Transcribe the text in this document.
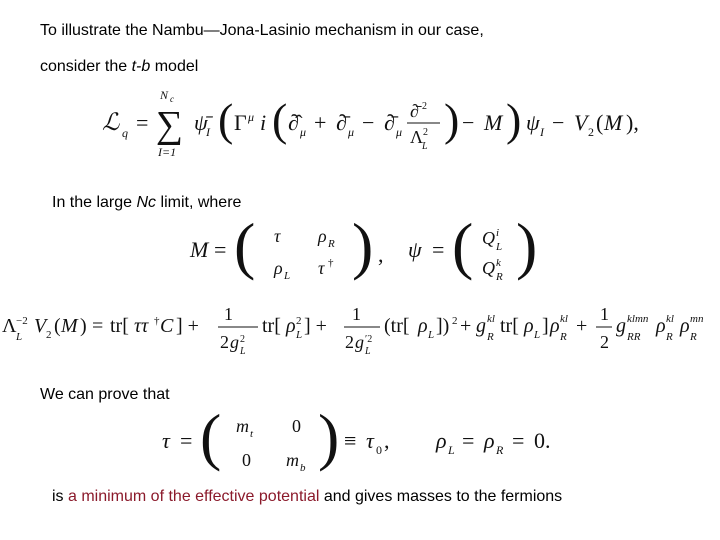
To illustrate the Nambu—Jona-Lasinio mechanism in our case,
consider the t-b model
ℒ q =
N c
∑
I=1
ψ̄
I ( Γ μ i ( ∂̂ μ + ∂̄ μ − ∂̄ μ
∂̄ 2
Λ 2
L
) − M ) ψ I − V 2 ( M ),
In the large Nc limit, where
M = ( τ ρ R
ρ L τ † ) , ψ = ( Q i
L
Q k
R )
Λ −2
L V 2 ( M ) = tr[ ττ † C ] +
1
2 g 2
L
tr[ ρ 2
L ] +
1
2 g ′2
L
(tr[ ρ L ]) 2 + g kl
R tr[ ρ L ] ρ kl
R +
1
2
g klmn
RR ρ kl
R ρ mn
R
We can prove that
τ = ( m t 0
0 m b ) ≡ τ 0 , ρ L = ρ R = 0.
is a minimum of the effective potential and gives masses to the fermions
